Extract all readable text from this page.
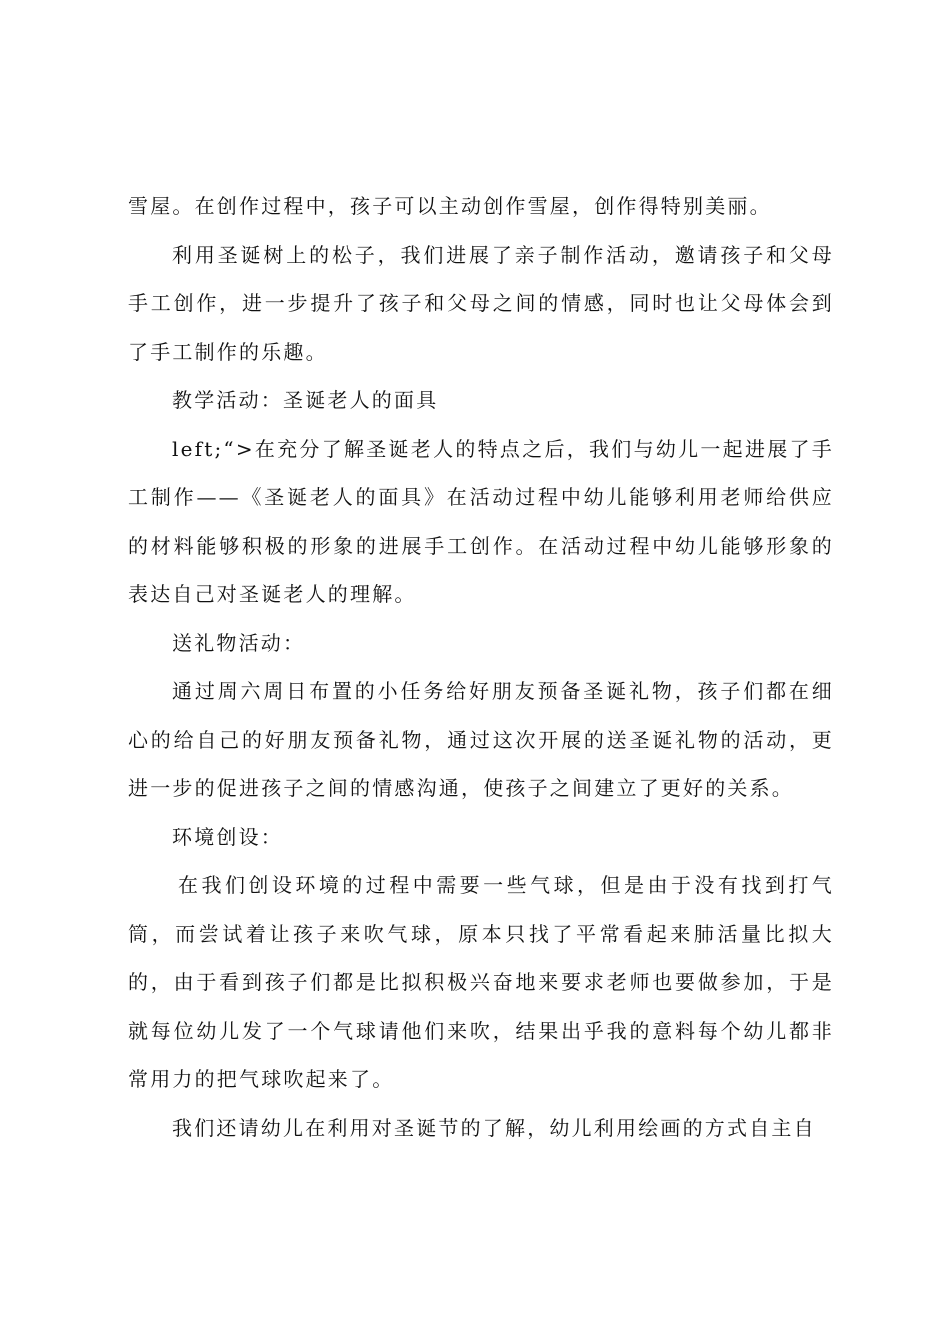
雪屋。在创作过程中，孩子可以主动创作雪屋，创作得特别美丽。

利用圣诞树上的松子，我们进展了亲子制作活动，邀请孩子和父母手工创作，进一步提升了孩子和父母之间的情感，同时也让父母体会到了手工制作的乐趣。

教学活动：圣诞老人的面具

left;“>在充分了解圣诞老人的特点之后，我们与幼儿一起进展了手工制作——《圣诞老人的面具》在活动过程中幼儿能够利用老师给供应的材料能够积极的形象的进展手工创作。在活动过程中幼儿能够形象的表达自己对圣诞老人的理解。

送礼物活动：

通过周六周日布置的小任务给好朋友预备圣诞礼物，孩子们都在细心的给自己的好朋友预备礼物，通过这次开展的送圣诞礼物的活动，更进一步的促进孩子之间的情感沟通，使孩子之间建立了更好的关系。

环境创设：

在我们创设环境的过程中需要一些气球，但是由于没有找到打气筒，而尝试着让孩子来吹气球，原本只找了平常看起来肺活量比拟大的，由于看到孩子们都是比拟积极兴奋地来要求老师也要做参加，于是就每位幼儿发了一个气球请他们来吹，结果出乎我的意料每个幼儿都非常用力的把气球吹起来了。

我们还请幼儿在利用对圣诞节的了解，幼儿利用绘画的方式自主自
